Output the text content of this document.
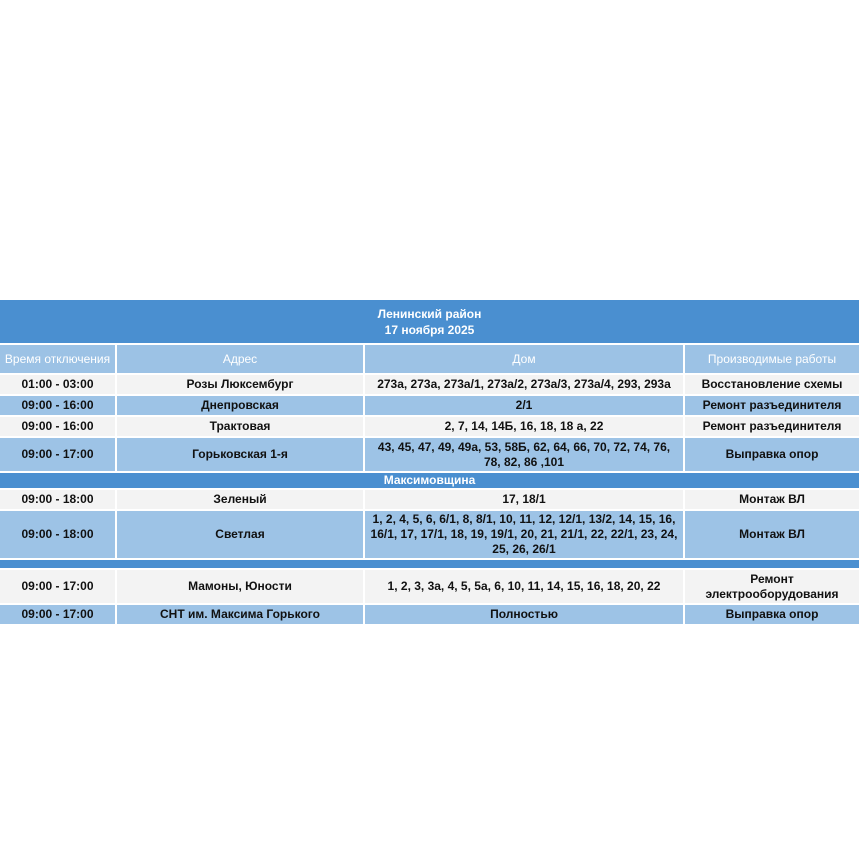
Ленинский район
17 ноября 2025			

Время отключения	Адрес	Дом	Производимые работы
01:00 - 03:00	Розы Люксембург	273а, 273а, 273а/1, 273а/2, 273а/3, 273а/4, 293, 293а	Восстановление схемы
09:00 - 16:00	Днепровская	2/1	Ремонт разъединителя
09:00 - 16:00	Трактовая	2, 7, 14, 14Б, 16, 18, 18 а, 22	Ремонт разъединителя
09:00 - 17:00	Горьковская 1-я	43, 45, 47, 49, 49а, 53, 58Б, 62, 64, 66, 70, 72, 74, 76, 78, 82, 86 ,101	Выправка опор
Максимовщина			
09:00 - 18:00	Зеленый	17, 18/1	Монтаж ВЛ
09:00 - 18:00	Светлая	1, 2, 4, 5, 6, 6/1, 8, 8/1, 10, 11, 12, 12/1, 13/2, 14, 15, 16, 16/1, 17, 17/1, 18, 19, 19/1, 20, 21, 21/1, 22, 22/1, 23, 24, 25, 26, 26/1	Монтаж ВЛ

09:00 - 17:00	Мамоны, Юности	1, 2, 3, 3а, 4, 5, 5а, 6, 10, 11, 14, 15, 16, 18, 20, 22	Ремонт электрооборудования
09:00 - 17:00	СНТ им. Максима Горького	Полностью	Выправка опор
